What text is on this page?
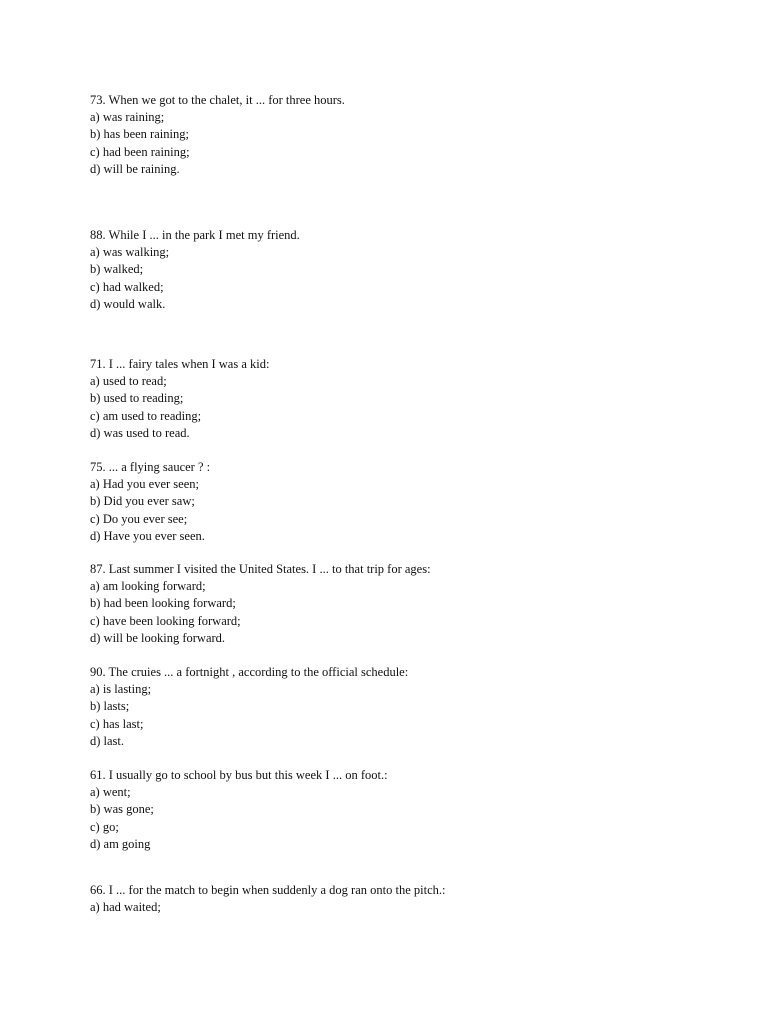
73. When we got to the chalet, it ... for three hours.
a) was raining;
b) has been raining;
c) had been raining;
d) will be raining.
88. While I ... in the park I met my friend.
a) was walking;
b) walked;
c) had walked;
d) would walk.
71. I ... fairy tales when I was a kid:
a) used to read;
b) used to reading;
c) am used to reading;
d) was used to read.
75. ... a flying saucer ? :
a) Had you ever seen;
b) Did you ever saw;
c) Do you ever see;
d) Have you ever seen.
87. Last summer I visited the United States. I ... to that trip for ages:
a) am looking forward;
b) had been looking forward;
c) have been looking forward;
d) will be looking forward.
90. The cruies ... a fortnight , according to the official schedule:
a) is lasting;
b) lasts;
c) has last;
d) last.
61. I usually go to school by bus but this week I ... on foot.:
a) went;
b) was gone;
c) go;
d) am going
66. I ... for the match to begin when suddenly a dog ran onto the pitch.:
a) had waited;
